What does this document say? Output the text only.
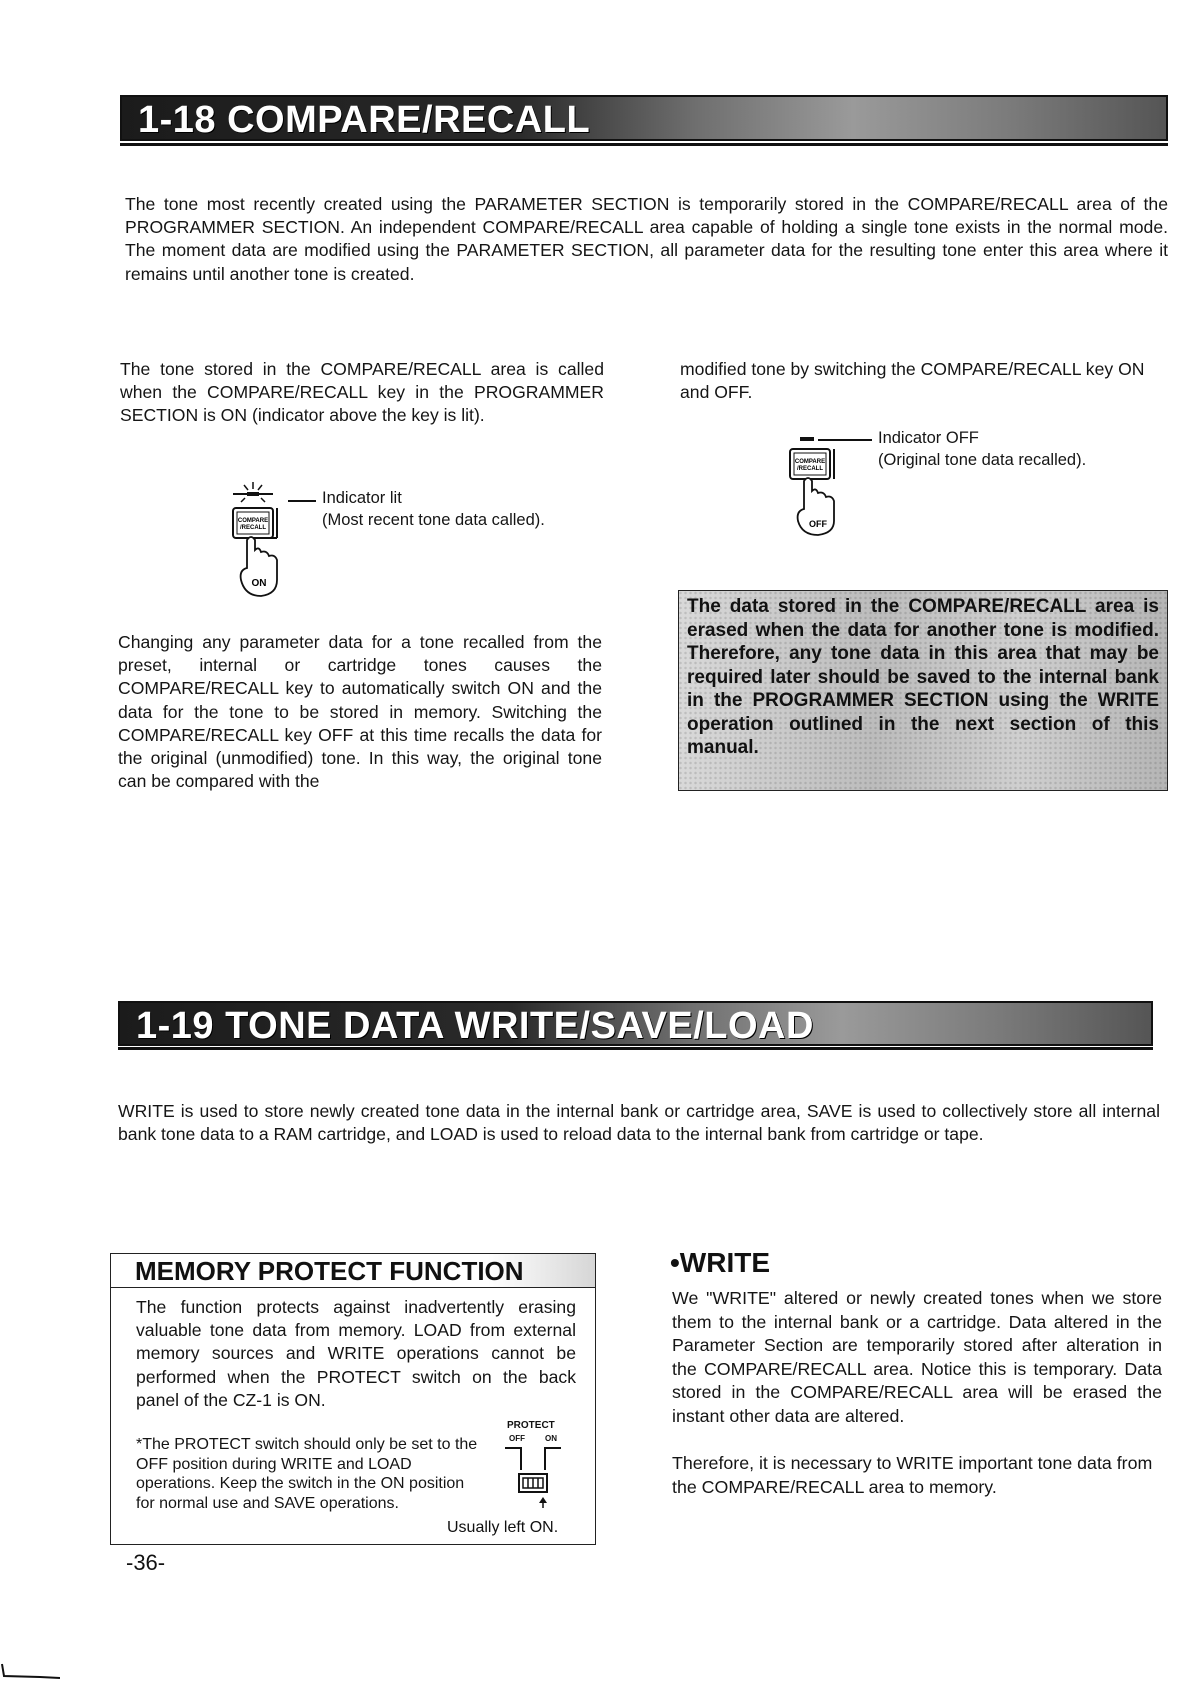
1-18 COMPARE/RECALL
The tone most recently created using the PARAMETER SECTION is temporarily stored in the COMPARE/RECALL area of the PROGRAMMER SECTION. An independent COMPARE/RECALL area capable of holding a single tone exists in the normal mode. The moment data are modified using the PARAMETER SECTION, all parameter data for the resulting tone enter this area where it remains until another tone is created.
The tone stored in the COMPARE/RECALL area is called when the COMPARE/RECALL key in the PROGRAMMER SECTION is ON (indicator above the key is lit).
COMPARE
/RECALL
ON
Indicator lit
(Most recent tone data called).
Changing any parameter data for a tone recalled from the preset, internal or cartridge tones causes the COMPARE/RECALL key to automatically switch ON and the data for the tone to be stored in memory. Switching the COMPARE/RECALL key OFF at this time recalls the data for the original (unmodified) tone. In this way, the original tone can be compared with the
modified tone by switching the COMPARE/RECALL key ON and OFF.
COMPARE
/RECALL
OFF
Indicator OFF
(Original tone data recalled).
The data stored in the COMPARE/RECALL area is erased when the data for another tone is modified. Therefore, any tone data in this area that may be required later should be saved to the internal bank in the PROGRAMMER SECTION using the WRITE operation outlined in the next section of this manual.
1-19 TONE DATA WRITE/SAVE/LOAD
WRITE is used to store newly created tone data in the internal bank or cartridge area, SAVE is used to collectively store all internal bank tone data to a RAM cartridge, and LOAD is used to reload data to the internal bank from cartridge or tape.
MEMORY PROTECT FUNCTION
The function protects against inadvertently erasing valuable tone data from memory. LOAD from external memory sources and WRITE operations cannot be performed when the PROTECT switch on the back panel of the CZ-1 is ON.
*The PROTECT switch should only be set to the OFF position during WRITE and LOAD operations. Keep the switch in the ON position for normal use and SAVE operations.
PROTECT
OFF	ON
Usually left ON.
•WRITE
We "WRITE" altered or newly created tones when we store them to the internal bank or a cartridge. Data altered in the Parameter Section are temporarily stored after alteration in the COMPARE/RECALL area. Notice this is temporary. Data stored in the COMPARE/RECALL area will be erased the instant other data are altered.
Therefore, it is necessary to WRITE important tone data from the COMPARE/RECALL area to memory.
-36-
